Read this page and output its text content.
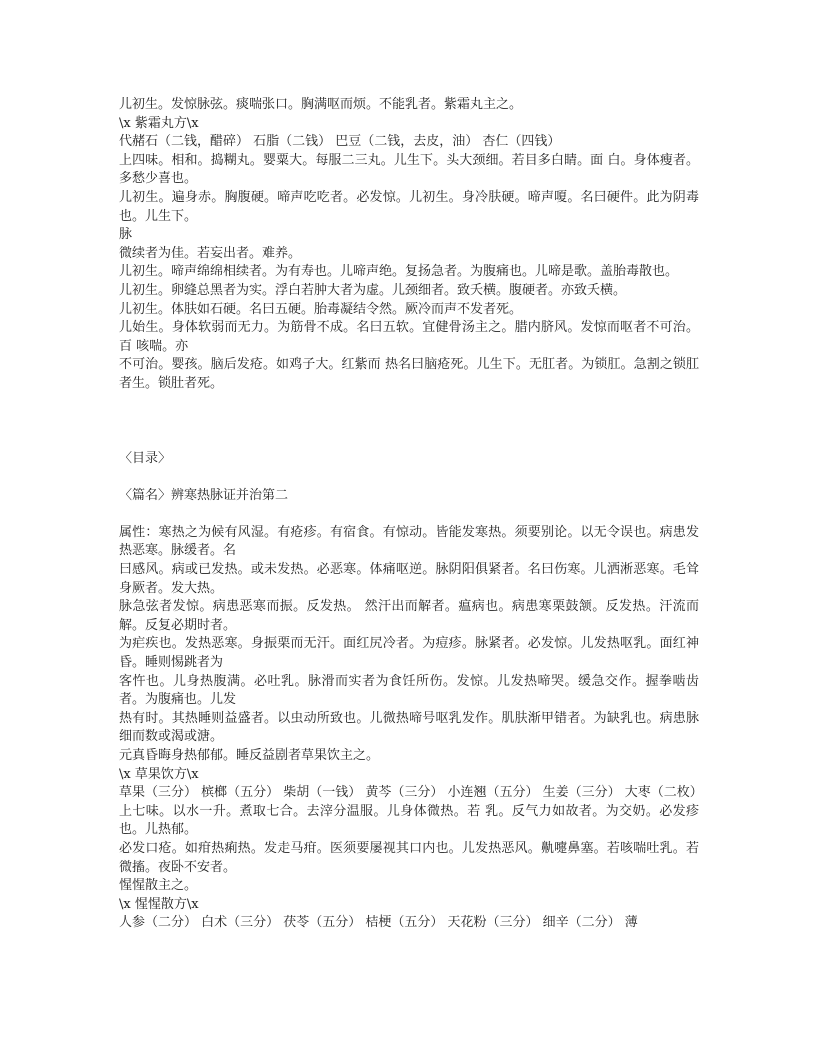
儿初生。发惊脉弦。痰喘张口。胸满呕而烦。不能乳者。紫霜丸主之。

\x 紫霜丸方\x

代赭石（二钱，醋碎） 石脂（二钱） 巴豆（二钱，去皮，油） 杏仁（四钱）

上四味。相和。捣糊丸。婴粟大。每服二三丸。儿生下。头大颈细。若目多白睛。面 白。身体瘦者。多愁少喜也。

儿初生。遍身赤。胸腹硬。啼声吃吃者。必发惊。儿初生。身冷肤硬。啼声嗄。名曰硬件。此为阴毒也。儿生下。

脉

微续者为佳。若妄出者。难养。

儿初生。啼声绵绵相续者。为有寿也。儿啼声绝。复扬急者。为腹痛也。儿啼是歌。盖胎毒散也。

儿初生。卵缝总黑者为实。浮白若肿大者为虚。儿颈细者。致夭横。腹硬者。亦致夭横。

儿初生。体肤如石硬。名曰五硬。胎毒凝结令然。厥冷而声不发者死。

儿始生。身体软弱而无力。为筋骨不成。名曰五软。宜健骨汤主之。腊内脐风。发惊而呕者不可治。百 咳喘。亦

不可治。婴孩。脑后发疮。如鸡子大。红紫而 热名曰脑疮死。儿生下。无肛者。为锁肛。急割之锁肛者生。锁肚者死。

〈目录〉

〈篇名〉辨寒热脉证并治第二

属性：寒热之为候有风湿。有疮疹。有宿食。有惊动。皆能发寒热。须要别论。以无令误也。病患发热恶寒。脉缓者。名

曰感风。病或已发热。或未发热。必恶寒。体痛呕逆。脉阴阳俱紧者。名曰伤寒。儿洒淅恶寒。毛耸身厥者。发大热。

脉急弦者发惊。病患恶寒而振。反发热。 然汗出而解者。瘟病也。病患寒栗鼓颔。反发热。汗流而解。反复必期时者。

为疟疾也。发热恶寒。身振栗而无汗。面红尻冷者。为痘疹。脉紧者。必发惊。儿发热呕乳。面红神昏。睡则惕跳者为

客忤也。儿身热腹满。必吐乳。脉滑而实者为食饪所伤。发惊。儿发热啼哭。缓急交作。握拳啮齿者。为腹痛也。儿发

热有时。其热睡则益盛者。以虫动所致也。儿微热啼号呕乳发作。肌肤渐甲错者。为缺乳也。病患脉细而数或渴或溏。

元真昏晦身热郁郁。睡反益剧者草果饮主之。

\x 草果饮方\x

草果（三分） 槟榔（五分） 柴胡（一钱） 黄芩（三分） 小连翘（五分） 生姜（三分） 大枣（二枚）

上七味。以水一升。煮取七合。去滓分温服。儿身体微热。若 乳。反气力如故者。为交奶。必发疹也。儿热郁。

必发口疮。如疳热痢热。发走马疳。医须要屡视其口内也。儿发热恶风。鼽嚏鼻塞。若咳喘吐乳。若微搐。夜卧不安者。

惺惺散主之。

\x 惺惺散方\x

人参（二分） 白术（三分） 茯苓（五分） 桔梗（五分） 天花粉（三分） 细辛（二分） 薄
